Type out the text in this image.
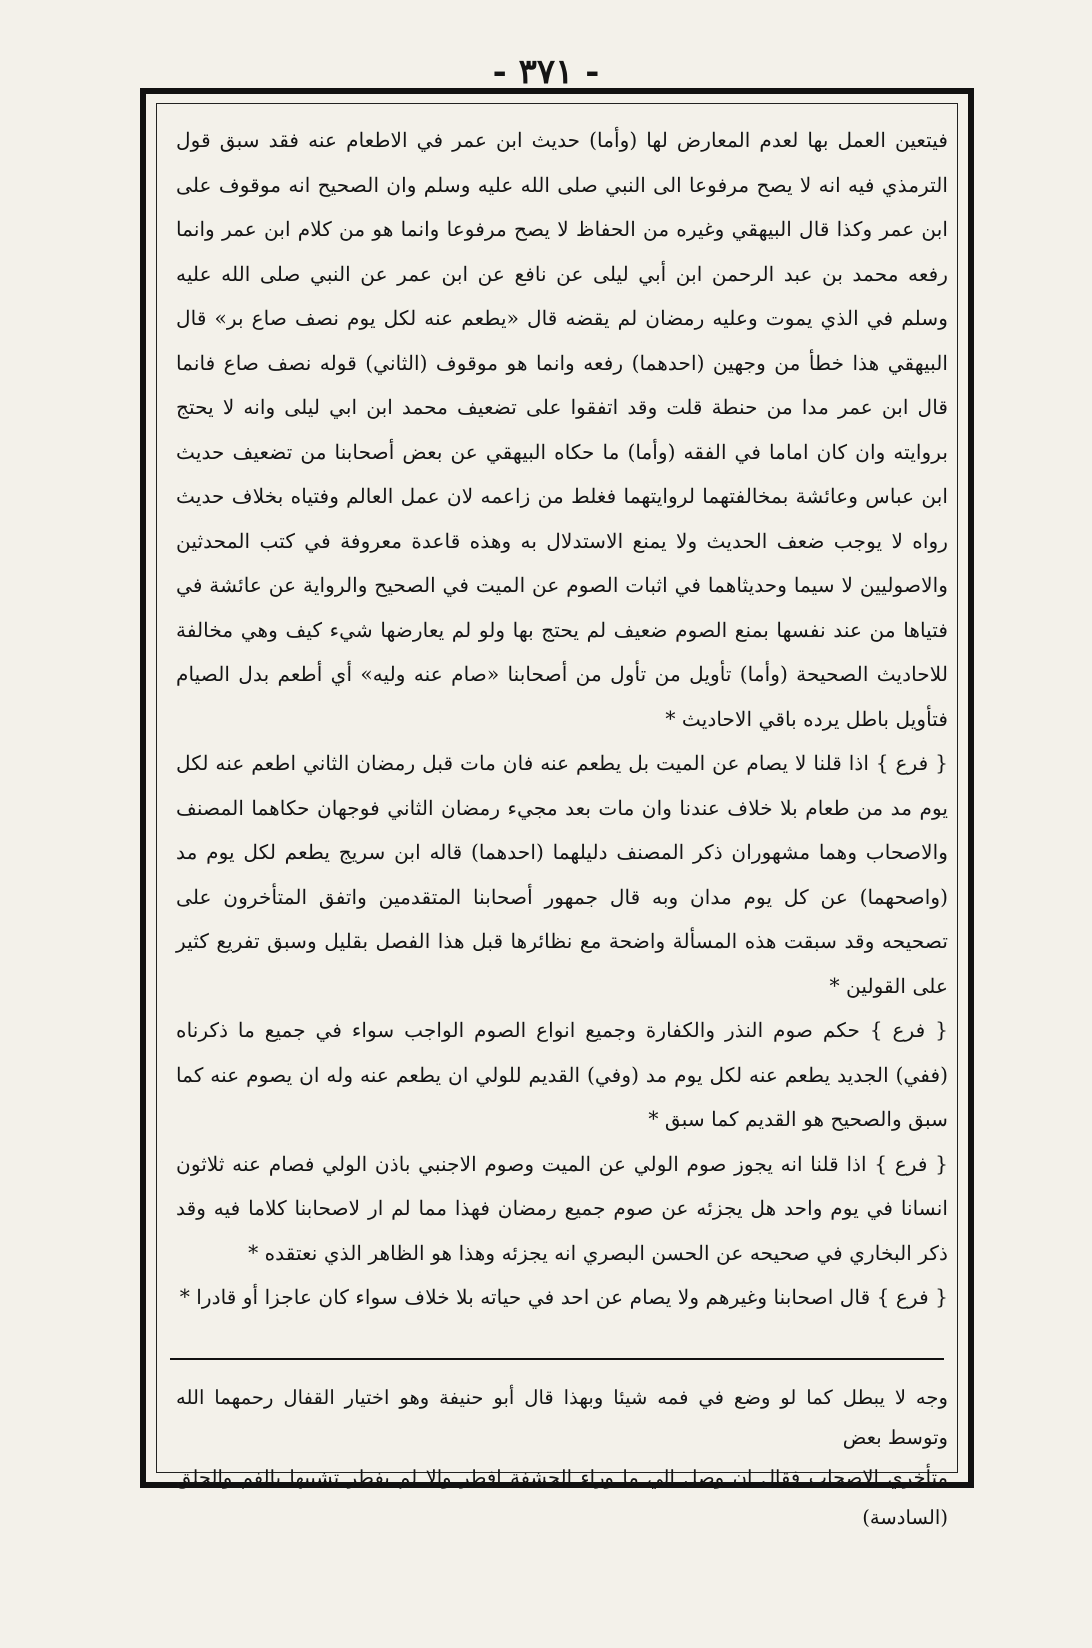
- ٣٧١ -

فيتعين العمل بها لعدم المعارض لها (وأما) حديث ابن عمر في الاطعام عنه فقد سبق قول الترمذي فيه انه لا يصح مرفوعا الى النبي صلى الله عليه وسلم وان الصحيح انه موقوف على ابن عمر وكذا قال البيهقي وغيره من الحفاظ لا يصح مرفوعا وانما هو من كلام ابن عمر وانما رفعه محمد بن عبد الرحمن ابن أبي ليلى عن نافع عن ابن عمر عن النبي صلى الله عليه وسلم في الذي يموت وعليه رمضان لم يقضه قال «يطعم عنه لكل يوم نصف صاع بر» قال البيهقي هذا خطأ من وجهين (احدهما) رفعه وانما هو موقوف (الثاني) قوله نصف صاع فانما قال ابن عمر مدا من حنطة قلت وقد اتفقوا على تضعيف محمد ابن ابي ليلى وانه لا يحتج بروايته وان كان اماما في الفقه (وأما) ما حكاه البيهقي عن بعض أصحابنا من تضعيف حديث ابن عباس وعائشة بمخالفتهما لروايتهما فغلط من زاعمه لان عمل العالم وفتياه بخلاف حديث رواه لا يوجب ضعف الحديث ولا يمنع الاستدلال به وهذه قاعدة معروفة في كتب المحدثين والاصوليين لا سيما وحديثاهما في اثبات الصوم عن الميت في الصحيح والرواية عن عائشة في فتياها من عند نفسها بمنع الصوم ضعيف لم يحتج بها ولو لم يعارضها شيء كيف وهي مخالفة للاحاديث الصحيحة (وأما) تأويل من تأول من أصحابنا «صام عنه وليه» أي أطعم بدل الصيام فتأويل باطل يرده باقي الاحاديث *

{ فرع } اذا قلنا لا يصام عن الميت بل يطعم عنه فان مات قبل رمضان الثاني اطعم عنه لكل يوم مد من طعام بلا خلاف عندنا وان مات بعد مجيء رمضان الثاني فوجهان حكاهما المصنف والاصحاب وهما مشهوران ذكر المصنف دليلهما (احدهما) قاله ابن سريج يطعم لكل يوم مد (واصحهما) عن كل يوم مدان وبه قال جمهور أصحابنا المتقدمين واتفق المتأخرون على تصحيحه وقد سبقت هذه المسألة واضحة مع نظائرها قبل هذا الفصل بقليل وسبق تفريع كثير على القولين *

{ فرع } حكم صوم النذر والكفارة وجميع انواع الصوم الواجب سواء في جميع ما ذكرناه (ففي) الجديد يطعم عنه لكل يوم مد (وفي) القديم للولي ان يطعم عنه وله ان يصوم عنه كما سبق والصحيح هو القديم كما سبق *

{ فرع } اذا قلنا انه يجوز صوم الولي عن الميت وصوم الاجنبي باذن الولي فصام عنه ثلاثون انسانا في يوم واحد هل يجزئه عن صوم جميع رمضان فهذا مما لم ار لاصحابنا كلاما فيه وقد ذكر البخاري في صحيحه عن الحسن البصري انه يجزئه وهذا هو الظاهر الذي نعتقده *

{ فرع } قال اصحابنا وغيرهم ولا يصام عن احد في حياته بلا خلاف سواء كان عاجزا أو قادرا *

وجه لا يبطل كما لو وضع في فمه شيئا وبهذا قال أبو حنيفة وهو اختيار القفال رحمهما الله وتوسط بعض

متأخري الاصحاب فقال ان وصل الي ما وراء الحشفة افطر والا لم يفطر تشبيها بالفم والحلق (السادسة)
